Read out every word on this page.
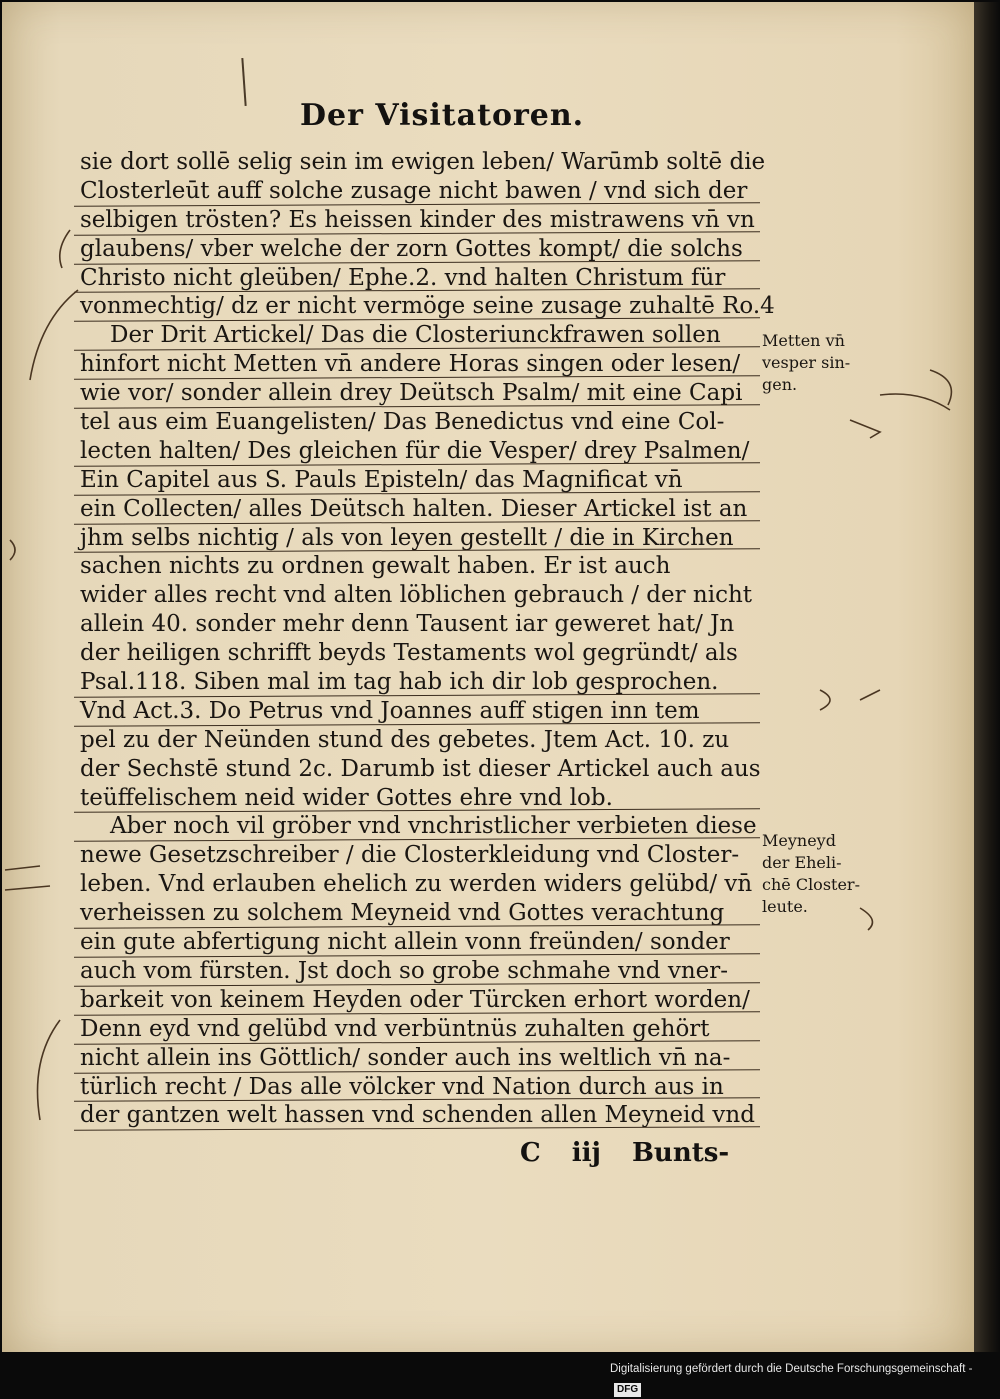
Der Visitatoren.
sie dort sollē selig sein im ewigen leben/ Warūmb soltē die
Closterleūt auff solche zusage nicht bawen / vnd sich der
selbigen trösten? Es heissen kinder des mistrawens vn̄ vn
glaubens/ vber welche der zorn Gottes kompt/ die solchs
Christo nicht gleüben/ Ephe.2. vnd halten Christum für
vonmechtig/ dz er nicht vermöge seine zusage zuhaltē Ro.4
Der Drit Artickel/ Das die Closteriunckfrawen sollen
hinfort nicht Metten vn̄ andere Horas singen oder lesen/
wie vor/ sonder allein drey Deütsch Psalm/ mit eine Capi
tel aus eim Euangelisten/ Das Benedictus vnd eine Col-
lecten halten/ Des gleichen für die Vesper/ drey Psalmen/
Ein Capitel aus S. Pauls Episteln/ das Magnificat vn̄
ein Collecten/ alles Deütsch halten. Dieser Artickel ist an
jhm selbs nichtig / als von leyen gestellt / die in Kirchen
sachen nichts zu ordnen gewalt haben. Er ist auch
wider alles recht vnd alten löblichen gebrauch / der nicht
allein 40. sonder mehr denn Tausent iar geweret hat/ Jn
der heiligen schrifft beyds Testaments wol gegründt/ als
Psal.118. Siben mal im tag hab ich dir lob gesprochen.
Vnd Act.3. Do Petrus vnd Joannes auff stigen inn tem
pel zu der Neünden stund des gebetes. Jtem Act. 10. zu
der Sechstē stund 2c. Darumb ist dieser Artickel auch aus
teüffelischem neid wider Gottes ehre vnd lob.
Aber noch vil gröber vnd vnchristlicher verbieten diese
newe Gesetzschreiber / die Closterkleidung vnd Closter-
leben. Vnd erlauben ehelich zu werden widers gelübd/ vn̄
verheissen zu solchem Meyneid vnd Gottes verachtung
ein gute abfertigung nicht allein vonn freünden/ sonder
auch vom fürsten. Jst doch so grobe schmahe vnd vner-
barkeit von keinem Heyden oder Türcken erhort worden/
Denn eyd vnd gelübd vnd verbüntnüs zuhalten gehört
nicht allein ins Göttlich/ sonder auch ins weltlich vn̄ na-
türlich recht / Das alle völcker vnd Nation durch aus in
der gantzen welt hassen vnd schenden allen Meyneid vnd
Metten vn̄
vesper sin-
gen.
Meyneyd
der Eheli-
chē Closter-
leute.
C iij Bunts-
Digitalisierung gefördert durch die Deutsche Forschungsgemeinschaft - DFG
